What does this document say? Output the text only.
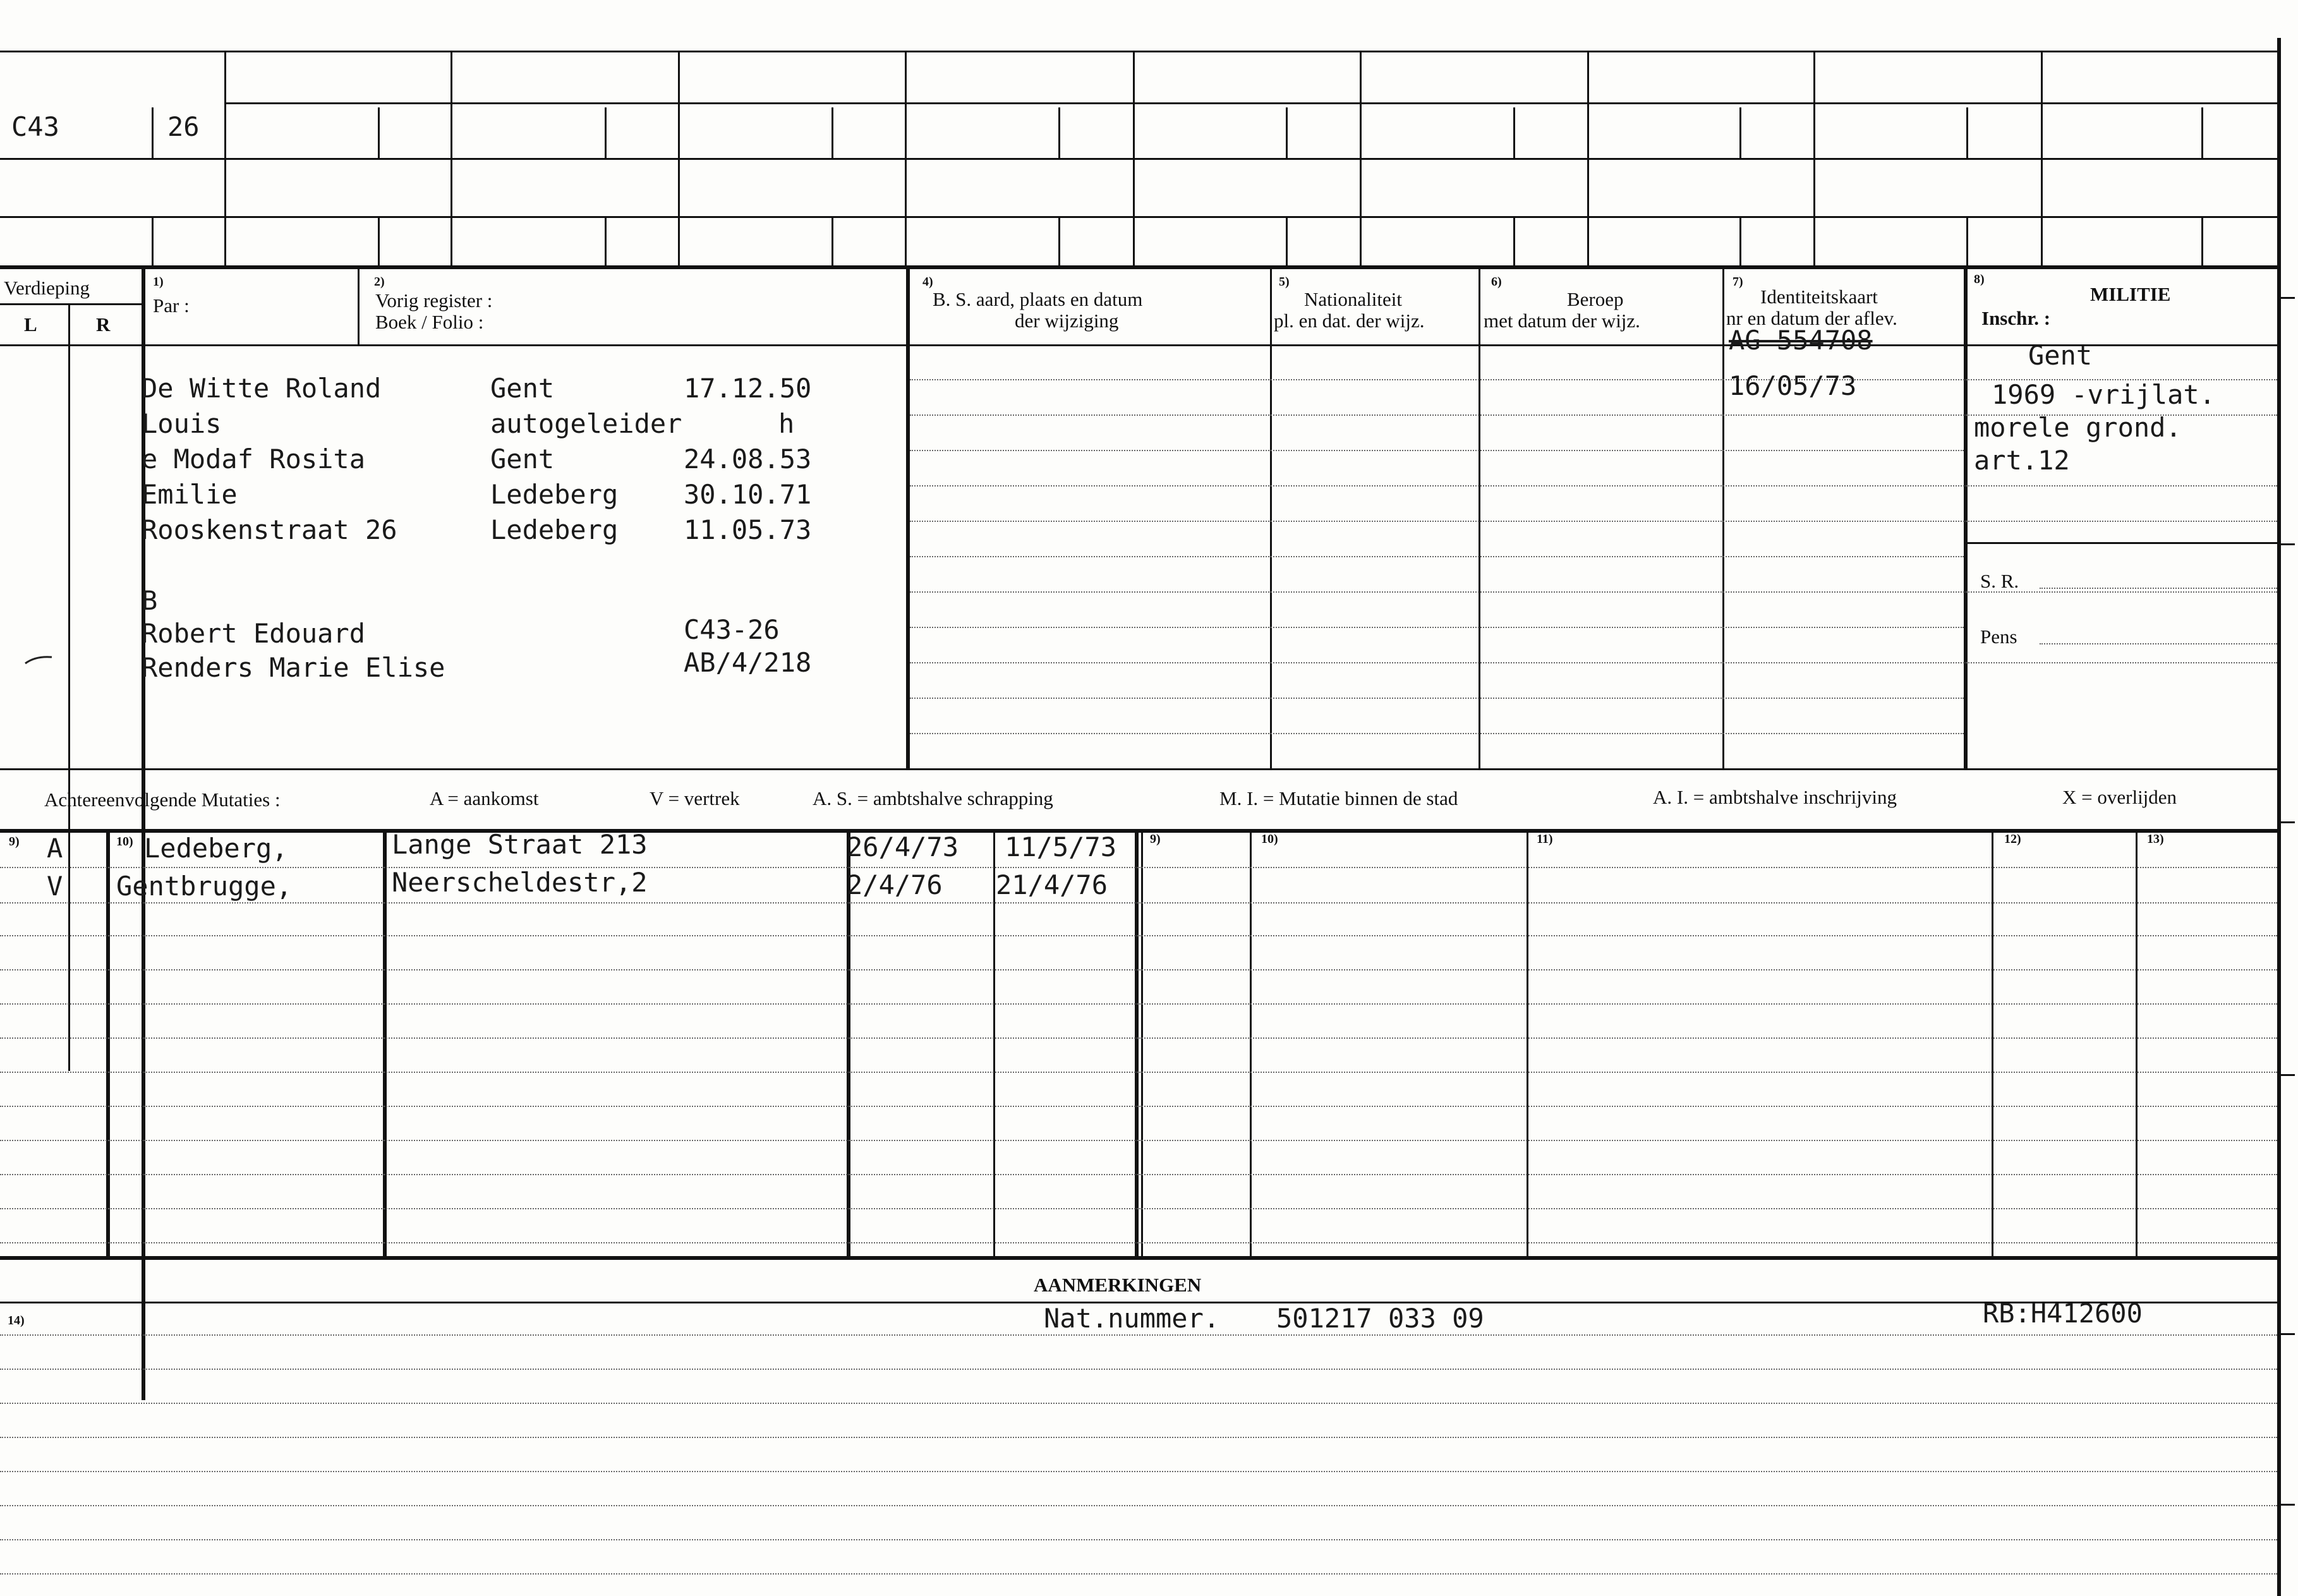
C43	26
Verdieping
L	R
1)
Par :
2)
Vorig register :
Boek / Folio :
4)
B. S. aard, plaats en datum
der wijziging
5)
Nationaliteit
pl. en dat. der wijz.
6)
Beroep
met datum der wijz.
7)
Identiteitskaart
nr en datum der aflev.
8)
MILITIE
Inschr. :
De Witte Roland	Gent	17.12.50
Louis	autogeleider	h
e Modaf Rosita	Gent	24.08.53
Emilie	Ledeberg 30.10.71
Rooskenstraat 26	Ledeberg 11.05.73
B
Robert Edouard	C43-26
Renders Marie Elise	AB/4/218
AG 554708
16/05/73
Gent
1969 -vrijlat.
morele grond.
art.12
S. R.
Pens
Achtereenvolgende Mutaties :	A = aankomst	V = vertrek	A. S. = ambtshalve schrapping	M. I. = Mutatie binnen de stad	A. I. = ambtshalve inschrijving	X = overlijden
9)	10)	9)	10)	11)	12)	13)
A	Ledeberg,	Lange Straat 213	26/4/73 11/5/73
V Gentbrugge,	Neerscheldestr,2	2/4/76 21/4/76
AANMERKINGEN
14)	Nat.nummer. 501217 033 09	RB:H412600
